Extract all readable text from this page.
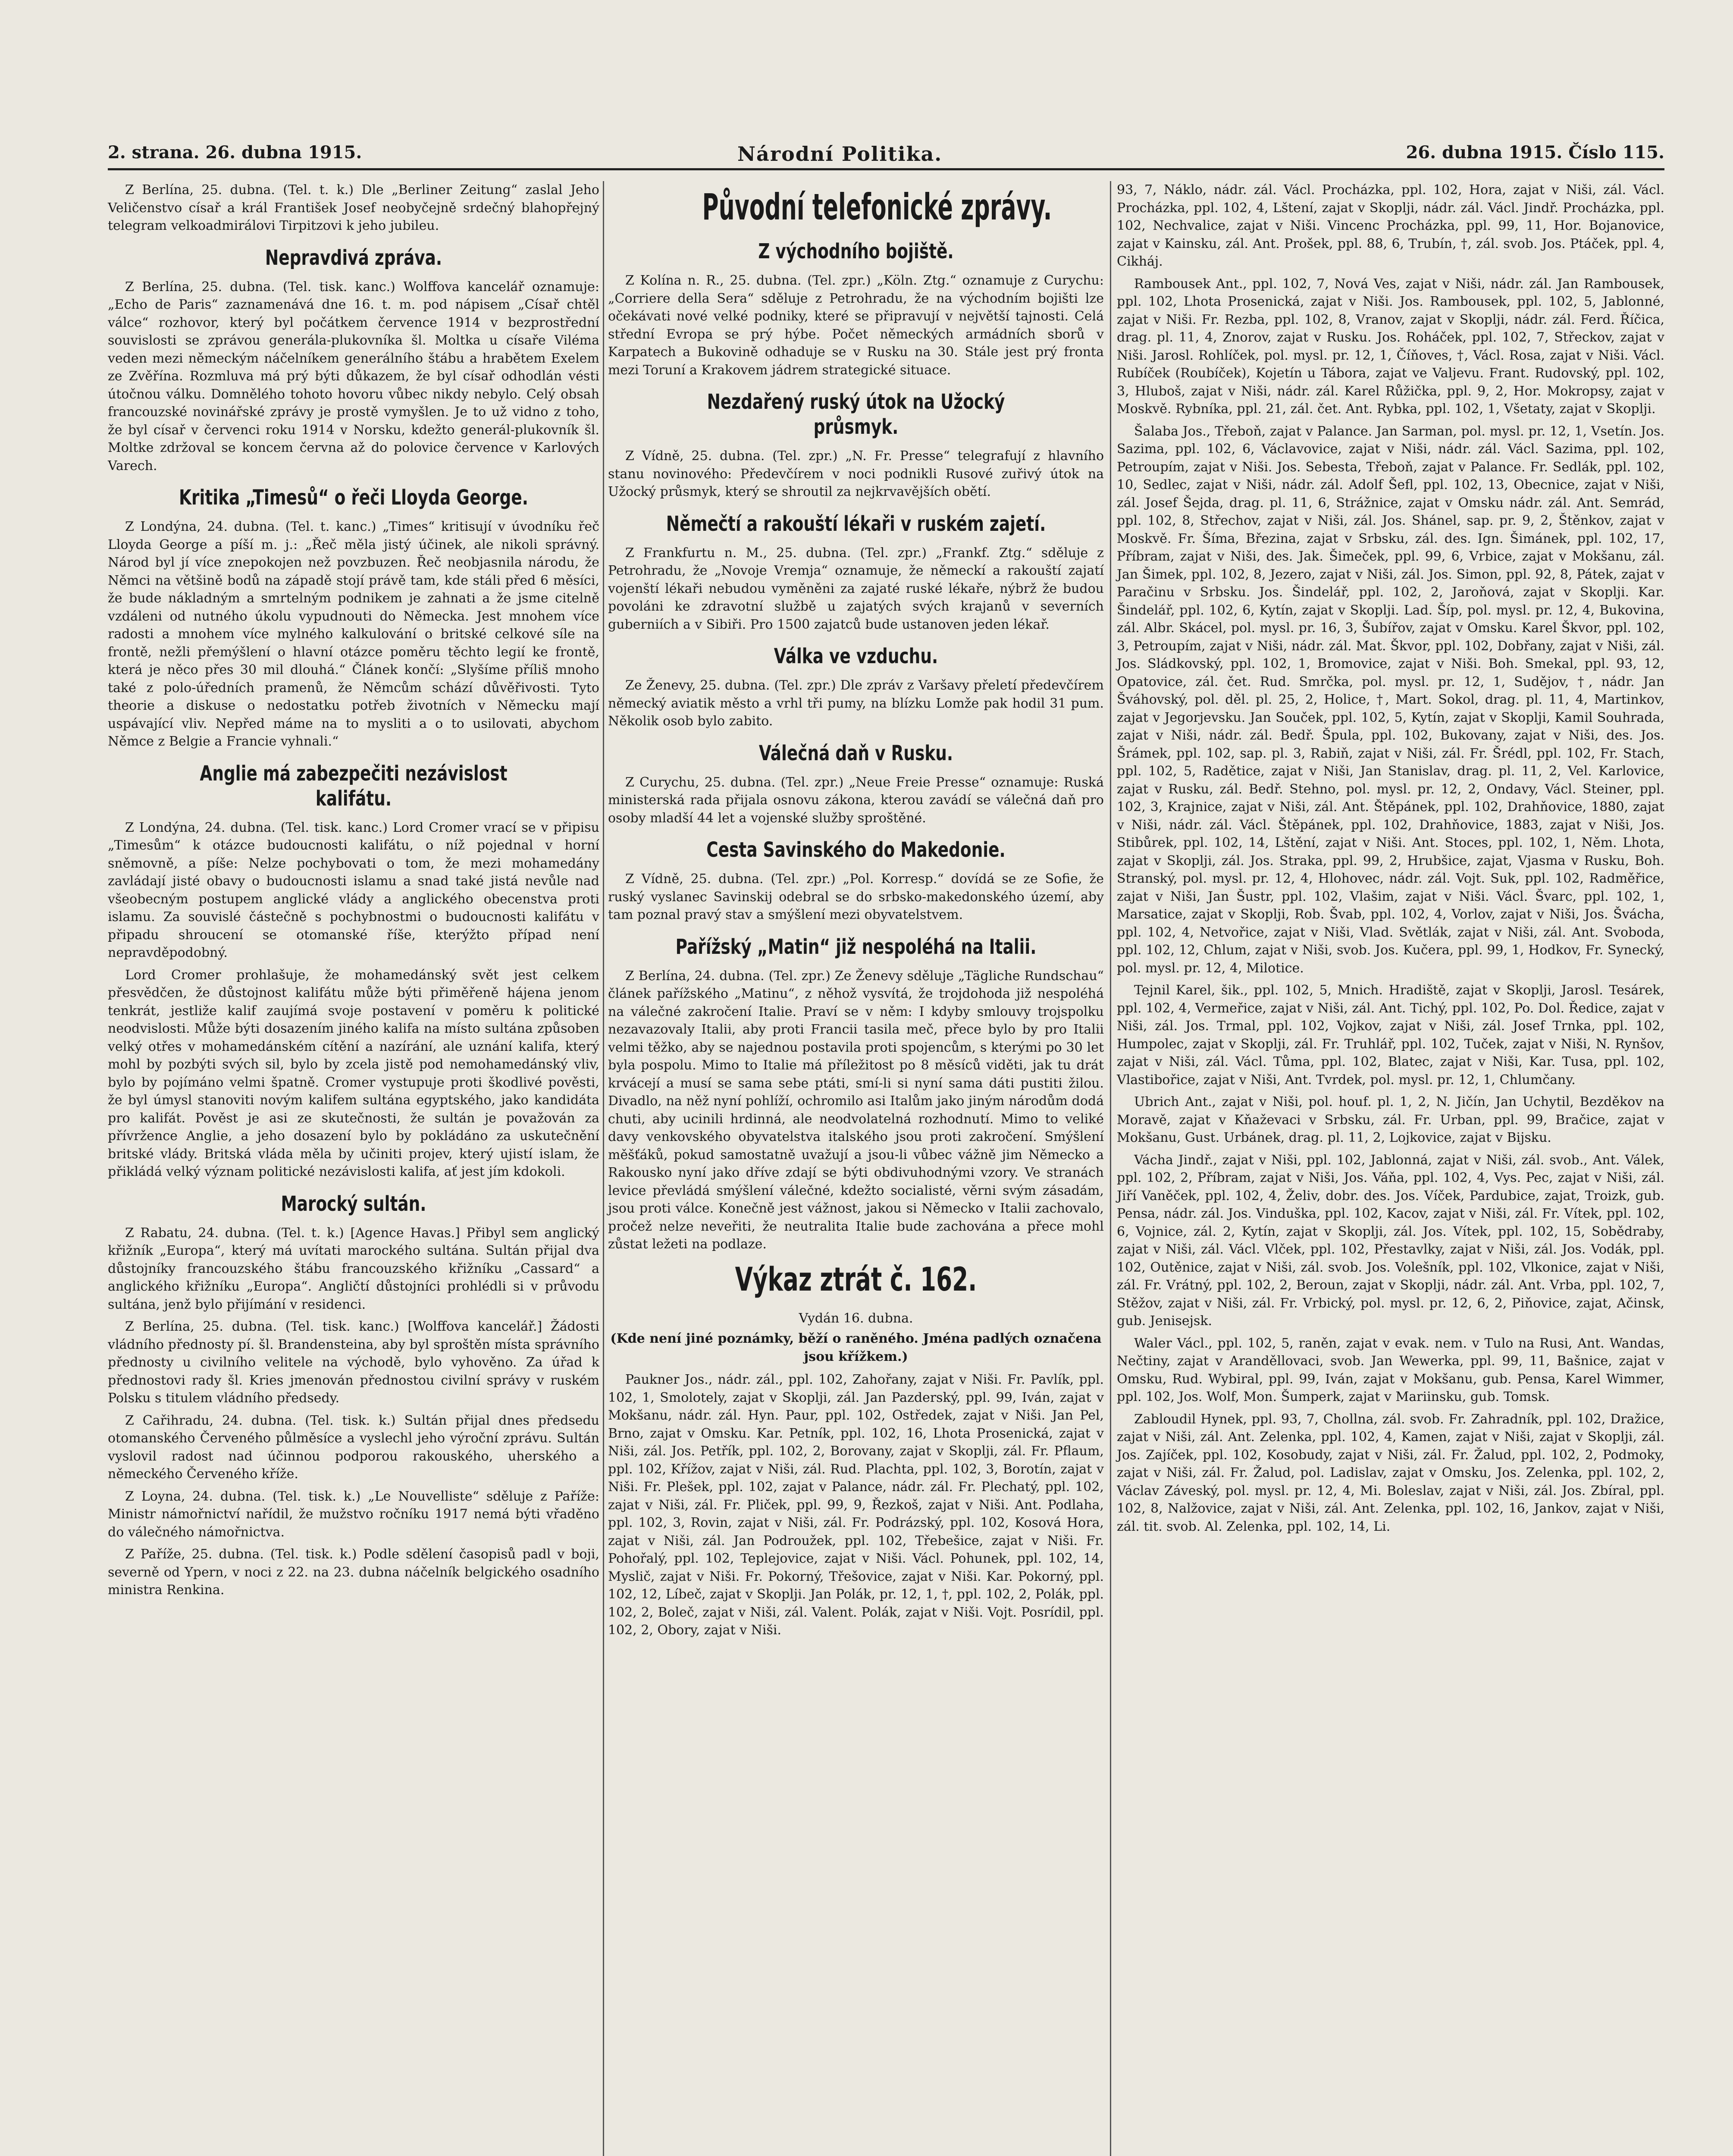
2. strana. 26. dubna 1915.	Národní Politika.	26. dubna 1915. Číslo 115.

Z Berlína, 25. dubna. (Tel. t. k.) Dle „Berliner Zeitung“ zaslal Jeho Veličenstvo císař a král František Josef neobyčejně srdečný blahopřejný telegram velkoadmirálovi Tirpitzovi k jeho jubileu.

Nepravdivá zpráva.

Z Berlína, 25. dubna. (Tel. tisk. kanc.) Wolffova kancelář oznamuje: „Echo de Paris“ zaznamenává dne 16. t. m. pod nápisem „Císař chtěl válce“ rozhovor, který byl počátkem července 1914 v bezprostřední souvislosti se zprávou generála-plukovníka šl. Moltka u císaře Viléma veden mezi německým náčelníkem generálního štábu a hrabětem Exelem ze Zvěřína. Rozmluva má prý býti důkazem, že byl císař odhodlán vésti útočnou válku. Domnělého tohoto hovoru vůbec nikdy nebylo. Celý obsah francouzské novinářské zprávy je prostě vymyšlen. Je to už vidno z toho, že byl císař v červenci roku 1914 v Norsku, kdežto generál-plukovník šl. Moltke zdržoval se koncem června až do polovice července v Karlových Varech.

Kritika „Timesů“ o řeči Lloyda George.

Z Londýna, 24. dubna. (Tel. t. kanc.) „Times“ kritisují v úvodníku řeč Lloyda George a píší m. j.: „Řeč měla jistý účinek, ale nikoli správný. Národ byl jí více znepokojen než povzbuzen. Řeč neobjasnila národu, že Němci na většině bodů na západě stojí právě tam, kde stáli před 6 měsíci, že bude nákladným a smrtelným podnikem je zahnati a že jsme citelně vzdáleni od nutného úkolu vypudnouti do Německa. Jest mnohem více radosti a mnohem více mylného kalkulování o britské celkové síle na frontě, nežli přemýšlení o hlavní otázce poměru těchto legií ke frontě, která je něco přes 30 mil dlouhá.“ Článek končí: „Slyšíme příliš mnoho také z polo-úředních pramenů, že Němcům schází důvěřivosti. Tyto theorie a diskuse o nedostatku potřeb životních v Německu mají uspávající vliv. Nepřed máme na to mysliti a o to usilovati, abychom Němce z Belgie a Francie vyhnali.“

Anglie má zabezpečiti nezávislost kalifátu.

Z Londýna, 24. dubna. (Tel. tisk. kanc.) Lord Cromer vrací se v připisu „Timesům“ k otázce budoucnosti kalifátu, o níž pojednal v horní sněmovně, a píše: Nelze pochybovati o tom, že mezi mohamedány zavládají jisté obavy o budoucnosti islamu a snad také jistá nevůle nad všeobecným postupem anglické vlády a anglického obecenstva proti islamu. Za souvislé částečně s pochybnostmi o budoucnosti kalifátu v připadu shroucení se otomanské říše, kterýžto případ není nepravděpodobný.

Lord Cromer prohlašuje, že mohamedánský svět jest celkem přesvědčen, že důstojnost kalifátu může býti přiměřeně hájena jenom tenkrát, jestliže kalif zaujímá svoje postavení v poměru k politické neodvislosti. Může býti dosazením jiného kalifa na místo sultána způsoben velký otřes v mohamedánském cítění a nazírání, ale uznání kalifa, který mohl by pozbýti svých sil, bylo by zcela jistě pod nemohamedánský vliv, bylo by pojímáno velmi špatně. Cromer vystupuje proti škodlivé pověsti, že byl úmysl stanoviti novým kalifem sultána egyptského, jako kandidáta pro kalifát. Pověst je asi ze skutečnosti, že sultán je považován za přívržence Anglie, a jeho dosazení bylo by pokládáno za uskutečnění britské vlády. Britská vláda měla by učiniti projev, který ujistí islam, že přikládá velký význam politické nezávislosti kalifa, ať jest jím kdokoli.

Marocký sultán.

Z Rabatu, 24. dubna. (Tel. t. k.) [Agence Havas.] Přibyl sem anglický křižník „Europa“, který má uvítati marockého sultána. Sultán přijal dva důstojníky francouzského štábu francouzského křižníku „Cassard“ a anglického křižníku „Europa“. Angličtí důstojníci prohlédli si v průvodu sultána, jenž bylo přijímání v residenci.

Z Berlína, 25. dubna. (Tel. tisk. kanc.) [Wolffova kancelář.] Žádosti vládního přednosty pí. šl. Brandensteina, aby byl sproštěn místa správního přednosty u civilního velitele na východě, bylo vyhověno. Za úřad k přednostovi rady šl. Kries jmenován přednostou civilní správy v ruském Polsku s titulem vládního předsedy.

Z Cařihradu, 24. dubna. (Tel. tisk. k.) Sultán přijal dnes předsedu otomanského Červeného půlměsíce a vyslechl jeho výroční zprávu. Sultán vyslovil radost nad účinnou podporou rakouského, uherského a německého Červeného kříže.

Z Loyna, 24. dubna. (Tel. tisk. k.) „Le Nouvelliste“ sděluje z Paříže: Ministr námořnictví nařídil, že mužstvo ročníku 1917 nemá býti vřaděno do válečného námořnictva.

Z Paříže, 25. dubna. (Tel. tisk. k.) Podle sdělení časopisů padl v boji, severně od Ypern, v noci z 22. na 23. dubna náčelník belgického osadního ministra Renkina.

Původní telefonické zprávy.
Z východního bojiště.

Z Kolína n. R., 25. dubna. (Tel. zpr.) „Köln. Ztg.“ oznamuje z Curychu: „Corriere della Sera“ sděluje z Petrohradu, že na východním bojišti lze očekávati nové velké podniky, které se připravují v největší tajnosti. Celá střední Evropa se prý hýbe. Počet německých armádních sborů v Karpatech a Bukovině odhaduje se v Rusku na 30. Stále jest prý fronta mezi Toruní a Krakovem jádrem strategické situace.

Nezdařený ruský útok na Užocký průsmyk.

Z Vídně, 25. dubna. (Tel. zpr.) „N. Fr. Presse“ telegrafují z hlavního stanu novinového: Předevčírem v noci podnikli Rusové zuřivý útok na Užocký průsmyk, který se shroutil za nejkrvavějších obětí.

Němečtí a rakouští lékaři v ruském zajetí.

Z Frankfurtu n. M., 25. dubna. (Tel. zpr.) „Frankf. Ztg.“ sděluje z Petrohradu, že „Novoje Vremja“ oznamuje, že německí a rakouští zajatí vojenští lékaři nebudou vyměněni za zajaté ruské lékaře, nýbrž že budou povoláni ke zdravotní službě u zajatých svých krajanů v severních guberniích a v Sibiři. Pro 1500 zajatců bude ustanoven jeden lékař.

Válka ve vzduchu.

Ze Ženevy, 25. dubna. (Tel. zpr.) Dle zpráv z Varšavy přeletí předevčírem německý aviatik město a vrhl tři pumy, na blízku Lomže pak hodil 31 pum. Několik osob bylo zabito.

Válečná daň v Rusku.

Z Curychu, 25. dubna. (Tel. zpr.) „Neue Freie Presse“ oznamuje: Ruská ministerská rada přijala osnovu zákona, kterou zavádí se válečná daň pro osoby mladší 44 let a vojenské služby sproštěné.

Cesta Savinského do Makedonie.

Z Vídně, 25. dubna. (Tel. zpr.) „Pol. Korresp.“ dovídá se ze Sofie, že ruský vyslanec Savinskij odebral se do srbsko-makedonského území, aby tam poznal pravý stav a smýšlení mezi obyvatelstvem.

Pařížský „Matin“ již nespoléhá na Italii.

Z Berlína, 24. dubna. (Tel. zpr.) Ze Ženevy sděluje „Tägliche Rundschau“ článek pařížského „Matinu“, z něhož vysvítá, že trojdohoda již nespoléhá na válečné zakročení Italie. Praví se v něm: I kdyby smlouvy trojspolku nezavazovaly Italii, aby proti Francii tasila meč, přece bylo by pro Italii velmi těžko, aby se najednou postavila proti spojencům, s kterými po 30 let byla pospolu. Mimo to Italie má příležitost po 8 měsíců viděti, jak tu drát krvácejí a musí se sama sebe ptáti, smí-li si nyní sama dáti pustiti žilou. Divadlo, na něž nyní pohlíží, ochromilo asi Italům jako jiným národům dodá chuti, aby ucinili hrdinná, ale neodvolatelná rozhodnutí. Mimo to veliké davy venkovského obyvatelstva italského jsou proti zakročení. Smýšlení měšťáků, pokud samostatně uvažují a jsou-li vůbec vážně jim Německo a Rakousko nyní jako dříve zdají se býti obdivuhodnými vzory. Ve stranách levice převládá smýšlení válečné, kdežto socialisté, věrni svým zásadám, jsou proti válce. Konečně jest vážnost, jakou si Německo v Italii zachovalo, pročež nelze neveřiti, že neutralita Italie bude zachována a přece mohl zůstat ležeti na podlaze.

Výkaz ztrát č. 162.

Vydán 16. dubna.

(Kde není jiné poznámky, běží o raněného. Jména padlých označena jsou křížkem.)

Paukner Jos., nádr. zál., ppl. 102, Zahořany, zajat v Niši. Fr. Pavlík, ppl. 102, 1, Smolotely, zajat v Skoplji, zál. Jan Pazderský, ppl. 99, Iván, zajat v Mokšanu, nádr. zál. Hyn. Paur, ppl. 102, Ostředek, zajat v Niši. Jan Pel, Brno, zajat v Omsku. Kar. Petník, ppl. 102, 16, Lhota Prosenická, zajat v Niši, zál. Jos. Petřík, ppl. 102, 2, Borovany, zajat v Skoplji, zál. Fr. Pflaum, ppl. 102, Křížov, zajat v Niši, zál. Rud. Plachta, ppl. 102, 3, Borotín, zajat v Niši. Fr. Plešek, ppl. 102, zajat v Palance, nádr. zál. Fr. Plechatý, ppl. 102, zajat v Niši, zál. Fr. Pliček, ppl. 99, 9, Řezkoš, zajat v Niši. Ant. Podlaha, ppl. 102, 3, Rovin, zajat v Niši, zál. Fr. Podrázský, ppl. 102, Kosová Hora, zajat v Niši, zál. Jan Podroužek, ppl. 102, Třebešice, zajat v Niši. Fr. Pohořalý, ppl. 102, Teplejovice, zajat v Niši. Václ. Pohunek, ppl. 102, 14, Myslič, zajat v Niši. Fr. Pokorný, Třešovice, zajat v Niši. Kar. Pokorný, ppl. 102, 12, Líbeč, zajat v Skoplji. Jan Polák, pr. 12, 1, †, ppl. 102, 2, Polák, ppl. 102, 2, Boleč, zajat v Niši, zál. Valent. Polák, zajat v Niši. Vojt. Posrídil, ppl. 102, 2, Obory, zajat v Niši.

93, 7, Náklo, nádr. zál. Václ. Procházka, ppl. 102, Hora, zajat v Niši, zál. Václ. Procházka, ppl. 102, 4, Lštení, zajat v Skoplji, nádr. zál. Václ. Jindř. Procházka, ppl. 102, Nechvalice, zajat v Niši. Vincenc Procházka, ppl. 99, 11, Hor. Bojanovice, zajat v Kainsku, zál. Ant. Prošek, ppl. 88, 6, Trubín, †, zál. svob. Jos. Ptáček, ppl. 4, Cikháj.

Rambousek Ant., ppl. 102, 7, Nová Ves, zajat v Niši, nádr. zál. Jan Rambousek, ppl. 102, Lhota Prosenická, zajat v Niši. Jos. Rambousek, ppl. 102, 5, Jablonné, zajat v Niši. Fr. Rezba, ppl. 102, 8, Vranov, zajat v Skoplji, nádr. zál. Ferd. Říčica, drag. pl. 11, 4, Znorov, zajat v Rusku. Jos. Roháček, ppl. 102, 7, Střeckov, zajat v Niši. Jarosl. Rohlíček, pol. mysl. pr. 12, 1, Číňoves, †, Václ. Rosa, zajat v Niši. Václ. Rubíček (Roubíček), Kojetín u Tábora, zajat ve Valjevu. Frant. Rudovský, ppl. 102, 3, Hluboš, zajat v Niši, nádr. zál. Karel Růžička, ppl. 9, 2, Hor. Mokropsy, zajat v Moskvě. Rybníka, ppl. 21, zál. čet. Ant. Rybka, ppl. 102, 1, Všetaty, zajat v Skoplji.

Šalaba Jos., Třeboň, zajat v Palance. Jan Sarman, pol. mysl. pr. 12, 1, Vsetín. Jos. Sazima, ppl. 102, 6, Václavovice, zajat v Niši, nádr. zál. Václ. Sazima, ppl. 102, Petroupím, zajat v Niši. Jos. Sebesta, Třeboň, zajat v Palance. Fr. Sedlák, ppl. 102, 10, Sedlec, zajat v Niši, nádr. zál. Adolf Šefl, ppl. 102, 13, Obecnice, zajat v Niši, zál. Josef Šejda, drag. pl. 11, 6, Strážnice, zajat v Omsku nádr. zál. Ant. Semrád, ppl. 102, 8, Střechov, zajat v Niši, zál. Jos. Shánel, sap. pr. 9, 2, Štěnkov, zajat v Moskvě. Fr. Šíma, Březina, zajat v Srbsku, zál. des. Ign. Šimánek, ppl. 102, 17, Příbram, zajat v Niši, des. Jak. Šimeček, ppl. 99, 6, Vrbice, zajat v Mokšanu, zál. Jan Šimek, ppl. 102, 8, Jezero, zajat v Niši, zál. Jos. Simon, ppl. 92, 8, Pátek, zajat v Paračinu v Srbsku. Jos. Šindelář, ppl. 102, 2, Jaroňová, zajat v Skoplji. Kar. Šindelář, ppl. 102, 6, Kytín, zajat v Skoplji. Lad. Šíp, pol. mysl. pr. 12, 4, Bukovina, zál. Albr. Skácel, pol. mysl. pr. 16, 3, Šubířov, zajat v Omsku. Karel Škvor, ppl. 102, 3, Petroupím, zajat v Niši, nádr. zál. Mat. Škvor, ppl. 102, Dobřany, zajat v Niši, zál. Jos. Sládkovský, ppl. 102, 1, Bromovice, zajat v Niši. Boh. Smekal, ppl. 93, 12, Opatovice, zál. čet. Rud. Smrčka, pol. mysl. pr. 12, 1, Sudějov, †, nádr. Jan Šváhovský, pol. děl. pl. 25, 2, Holice, †, Mart. Sokol, drag. pl. 11, 4, Martinkov, zajat v Jegorjevsku. Jan Souček, ppl. 102, 5, Kytín, zajat v Skoplji, Kamil Souhrada, zajat v Niši, nádr. zál. Bedř. Špula, ppl. 102, Bukovany, zajat v Niši, des. Jos. Šrámek, ppl. 102, sap. pl. 3, Rabiň, zajat v Niši, zál. Fr. Šrédl, ppl. 102, Fr. Stach, ppl. 102, 5, Radětice, zajat v Niši, Jan Stanislav, drag. pl. 11, 2, Vel. Karlovice, zajat v Rusku, zál. Bedř. Stehno, pol. mysl. pr. 12, 2, Ondavy, Václ. Steiner, ppl. 102, 3, Krajnice, zajat v Niši, zál. Ant. Štěpánek, ppl. 102, Drahňovice, 1880, zajat v Niši, nádr. zál. Václ. Štěpánek, ppl. 102, Drahňovice, 1883, zajat v Niši, Jos. Stibůrek, ppl. 102, 14, Lštění, zajat v Niši. Ant. Stoces, ppl. 102, 1, Něm. Lhota, zajat v Skoplji, zál. Jos. Straka, ppl. 99, 2, Hrubšice, zajat, Vjasma v Rusku, Boh. Stranský, pol. mysl. pr. 12, 4, Hlohovec, nádr. zál. Vojt. Suk, ppl. 102, Radměřice, zajat v Niši, Jan Šustr, ppl. 102, Vlašim, zajat v Niši. Václ. Švarc, ppl. 102, 1, Marsatice, zajat v Skoplji, Rob. Švab, ppl. 102, 4, Vorlov, zajat v Niši, Jos. Švácha, ppl. 102, 4, Netvořice, zajat v Niši, Vlad. Světlák, zajat v Niši, zál. Ant. Svoboda, ppl. 102, 12, Chlum, zajat v Niši, svob. Jos. Kučera, ppl. 99, 1, Hodkov, Fr. Synecký, pol. mysl. pr. 12, 4, Milotice.

Tejnil Karel, šik., ppl. 102, 5, Mnich. Hradiště, zajat v Skoplji, Jarosl. Tesárek, ppl. 102, 4, Vermeřice, zajat v Niši, zál. Ant. Tichý, ppl. 102, Po. Dol. Ředice, zajat v Niši, zál. Jos. Trmal, ppl. 102, Vojkov, zajat v Niši, zál. Josef Trnka, ppl. 102, Humpolec, zajat v Skoplji, zál. Fr. Truhlář, ppl. 102, Tuček, zajat v Niši, N. Rynšov, zajat v Niši, zál. Václ. Tůma, ppl. 102, Blatec, zajat v Niši, Kar. Tusa, ppl. 102, Vlastibořice, zajat v Niši, Ant. Tvrdek, pol. mysl. pr. 12, 1, Chlumčany.

Ubrich Ant., zajat v Niši, pol. houf. pl. 1, 2, N. Jičín, Jan Uchytil, Bezděkov na Moravě, zajat v Kňaževaci v Srbsku, zál. Fr. Urban, ppl. 99, Bračice, zajat v Mokšanu, Gust. Urbánek, drag. pl. 11, 2, Lojkovice, zajat v Bijsku.

Vácha Jindř., zajat v Niši, ppl. 102, Jablonná, zajat v Niši, zál. svob., Ant. Válek, ppl. 102, 2, Příbram, zajat v Niši, Jos. Váňa, ppl. 102, 4, Vys. Pec, zajat v Niši, zál. Jiří Vaněček, ppl. 102, 4, Želiv, dobr. des. Jos. Víček, Pardubice, zajat, Troizk, gub. Pensa, nádr. zál. Jos. Vinduška, ppl. 102, Kacov, zajat v Niši, zál. Fr. Vítek, ppl. 102, 6, Vojnice, zál. 2, Kytín, zajat v Skoplji, zál. Jos. Vítek, ppl. 102, 15, Sobědraby, zajat v Niši, zál. Václ. Vlček, ppl. 102, Přestavlky, zajat v Niši, zál. Jos. Vodák, ppl. 102, Outěnice, zajat v Niši, zál. svob. Jos. Volešník, ppl. 102, Vlkonice, zajat v Niši, zál. Fr. Vrátný, ppl. 102, 2, Beroun, zajat v Skoplji, nádr. zál. Ant. Vrba, ppl. 102, 7, Stěžov, zajat v Niši, zál. Fr. Vrbický, pol. mysl. pr. 12, 6, 2, Piňovice, zajat, Ačinsk, gub. Jenisejsk.

Waler Václ., ppl. 102, 5, raněn, zajat v evak. nem. v Tulo na Rusi, Ant. Wandas, Nečtiny, zajat v Aranděllovaci, svob. Jan Wewerka, ppl. 99, 11, Bašnice, zajat v Omsku, Rud. Wybiral, ppl. 99, Iván, zajat v Mokšanu, gub. Pensa, Karel Wimmer, ppl. 102, Jos. Wolf, Mon. Šumperk, zajat v Mariinsku, gub. Tomsk.

Zabloudil Hynek, ppl. 93, 7, Chollna, zál. svob. Fr. Zahradník, ppl. 102, Dražice, zajat v Niši, zál. Ant. Zelenka, ppl. 102, 4, Kamen, zajat v Niši, zajat v Skoplji, zál. Jos. Zajíček, ppl. 102, Kosobudy, zajat v Niši, zál. Fr. Žalud, ppl. 102, 2, Podmoky, zajat v Niši, zál. Fr. Žalud, pol. Ladislav, zajat v Omsku, Jos. Zelenka, ppl. 102, 2, Václav Záveský, pol. mysl. pr. 12, 4, Mi. Boleslav, zajat v Niši, zál. Jos. Zbíral, ppl. 102, 8, Nalžovice, zajat v Niši, zál. Ant. Zelenka, ppl. 102, 16, Jankov, zajat v Niši, zál. tit. svob. Al. Zelenka, ppl. 102, 14, Li.
